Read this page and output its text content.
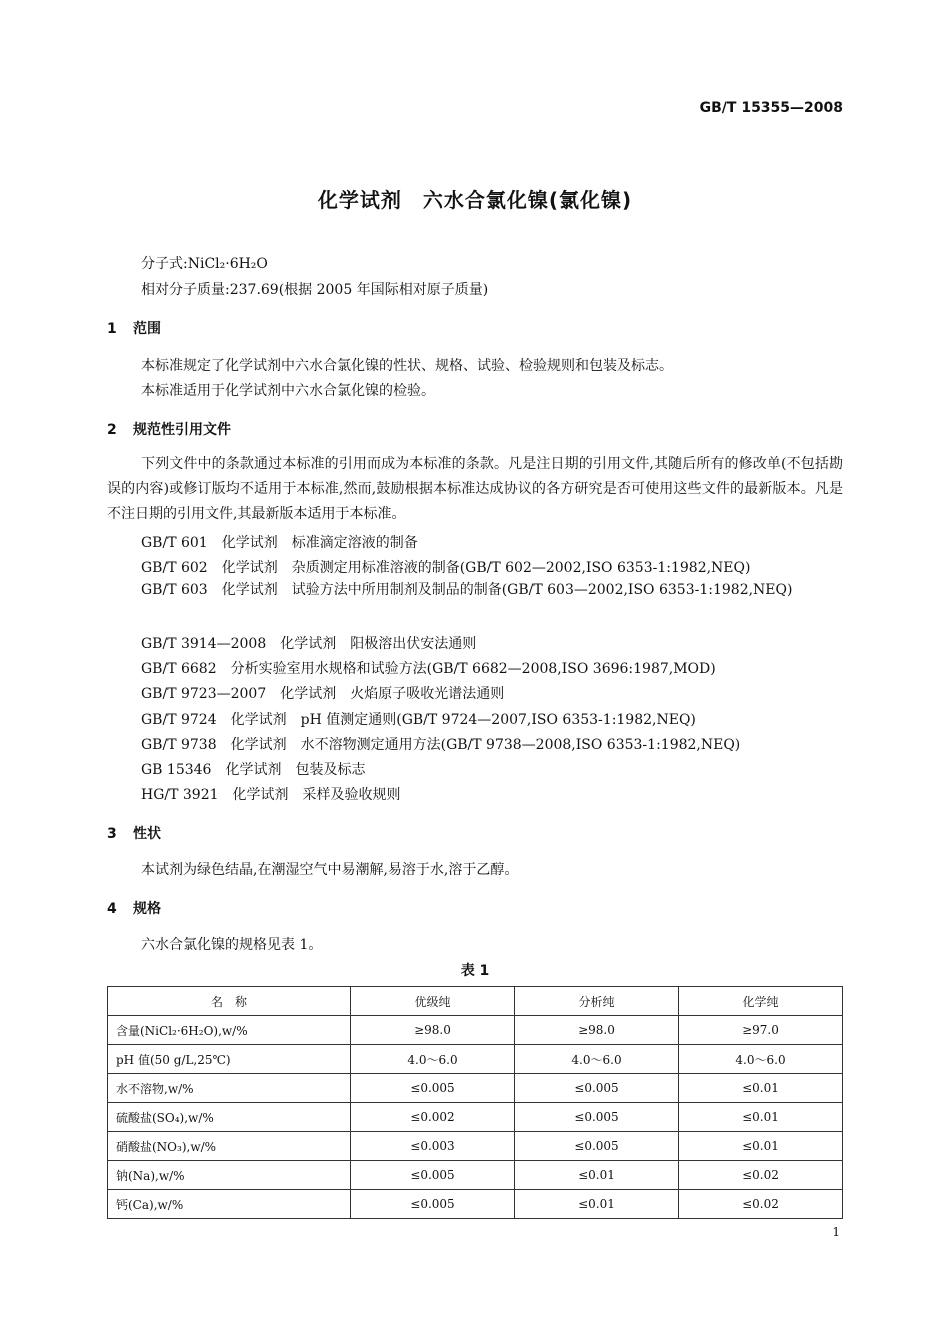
GB/T 15355—2008
化学试剂　六水合氯化镍(氯化镍)
分子式:NiCl₂·6H₂O
相对分子质量:237.69(根据 2005 年国际相对原子质量)
1 范围
本标准规定了化学试剂中六水合氯化镍的性状、规格、试验、检验规则和包装及标志。
本标准适用于化学试剂中六水合氯化镍的检验。
2 规范性引用文件
下列文件中的条款通过本标准的引用而成为本标准的条款。凡是注日期的引用文件,其随后所有的修改单(不包括勘误的内容)或修订版均不适用于本标准,然而,鼓励根据本标准达成协议的各方研究是否可使用这些文件的最新版本。凡是不注日期的引用文件,其最新版本适用于本标准。
GB/T 601　化学试剂　标准滴定溶液的制备
GB/T 602　化学试剂　杂质测定用标准溶液的制备(GB/T 602—2002,ISO 6353-1:1982,NEQ)
GB/T 603　化学试剂　试验方法中所用制剂及制品的制备(GB/T 603—2002,ISO 6353-1:1982,NEQ)
GB/T 3914—2008　化学试剂　阳极溶出伏安法通则
GB/T 6682　分析实验室用水规格和试验方法(GB/T 6682—2008,ISO 3696:1987,MOD)
GB/T 9723—2007　化学试剂　火焰原子吸收光谱法通则
GB/T 9724　化学试剂　pH 值测定通则(GB/T 9724—2007,ISO 6353-1:1982,NEQ)
GB/T 9738　化学试剂　水不溶物测定通用方法(GB/T 9738—2008,ISO 6353-1:1982,NEQ)
GB 15346　化学试剂　包装及标志
HG/T 3921　化学试剂　采样及验收规则
3 性状
本试剂为绿色结晶,在潮湿空气中易潮解,易溶于水,溶于乙醇。
4 规格
六水合氯化镍的规格见表 1。
表 1
名　称	优级纯	分析纯	化学纯
含量(NiCl₂·6H₂O),w/%	≥98.0	≥98.0	≥97.0
pH 值(50 g/L,25℃)	4.0～6.0	4.0～6.0	4.0～6.0
水不溶物,w/%	≤0.005	≤0.005	≤0.01
硫酸盐(SO₄),w/%	≤0.002	≤0.005	≤0.01
硝酸盐(NO₃),w/%	≤0.003	≤0.005	≤0.01
钠(Na),w/%	≤0.005	≤0.01	≤0.02
钙(Ca),w/%	≤0.005	≤0.01	≤0.02
1
